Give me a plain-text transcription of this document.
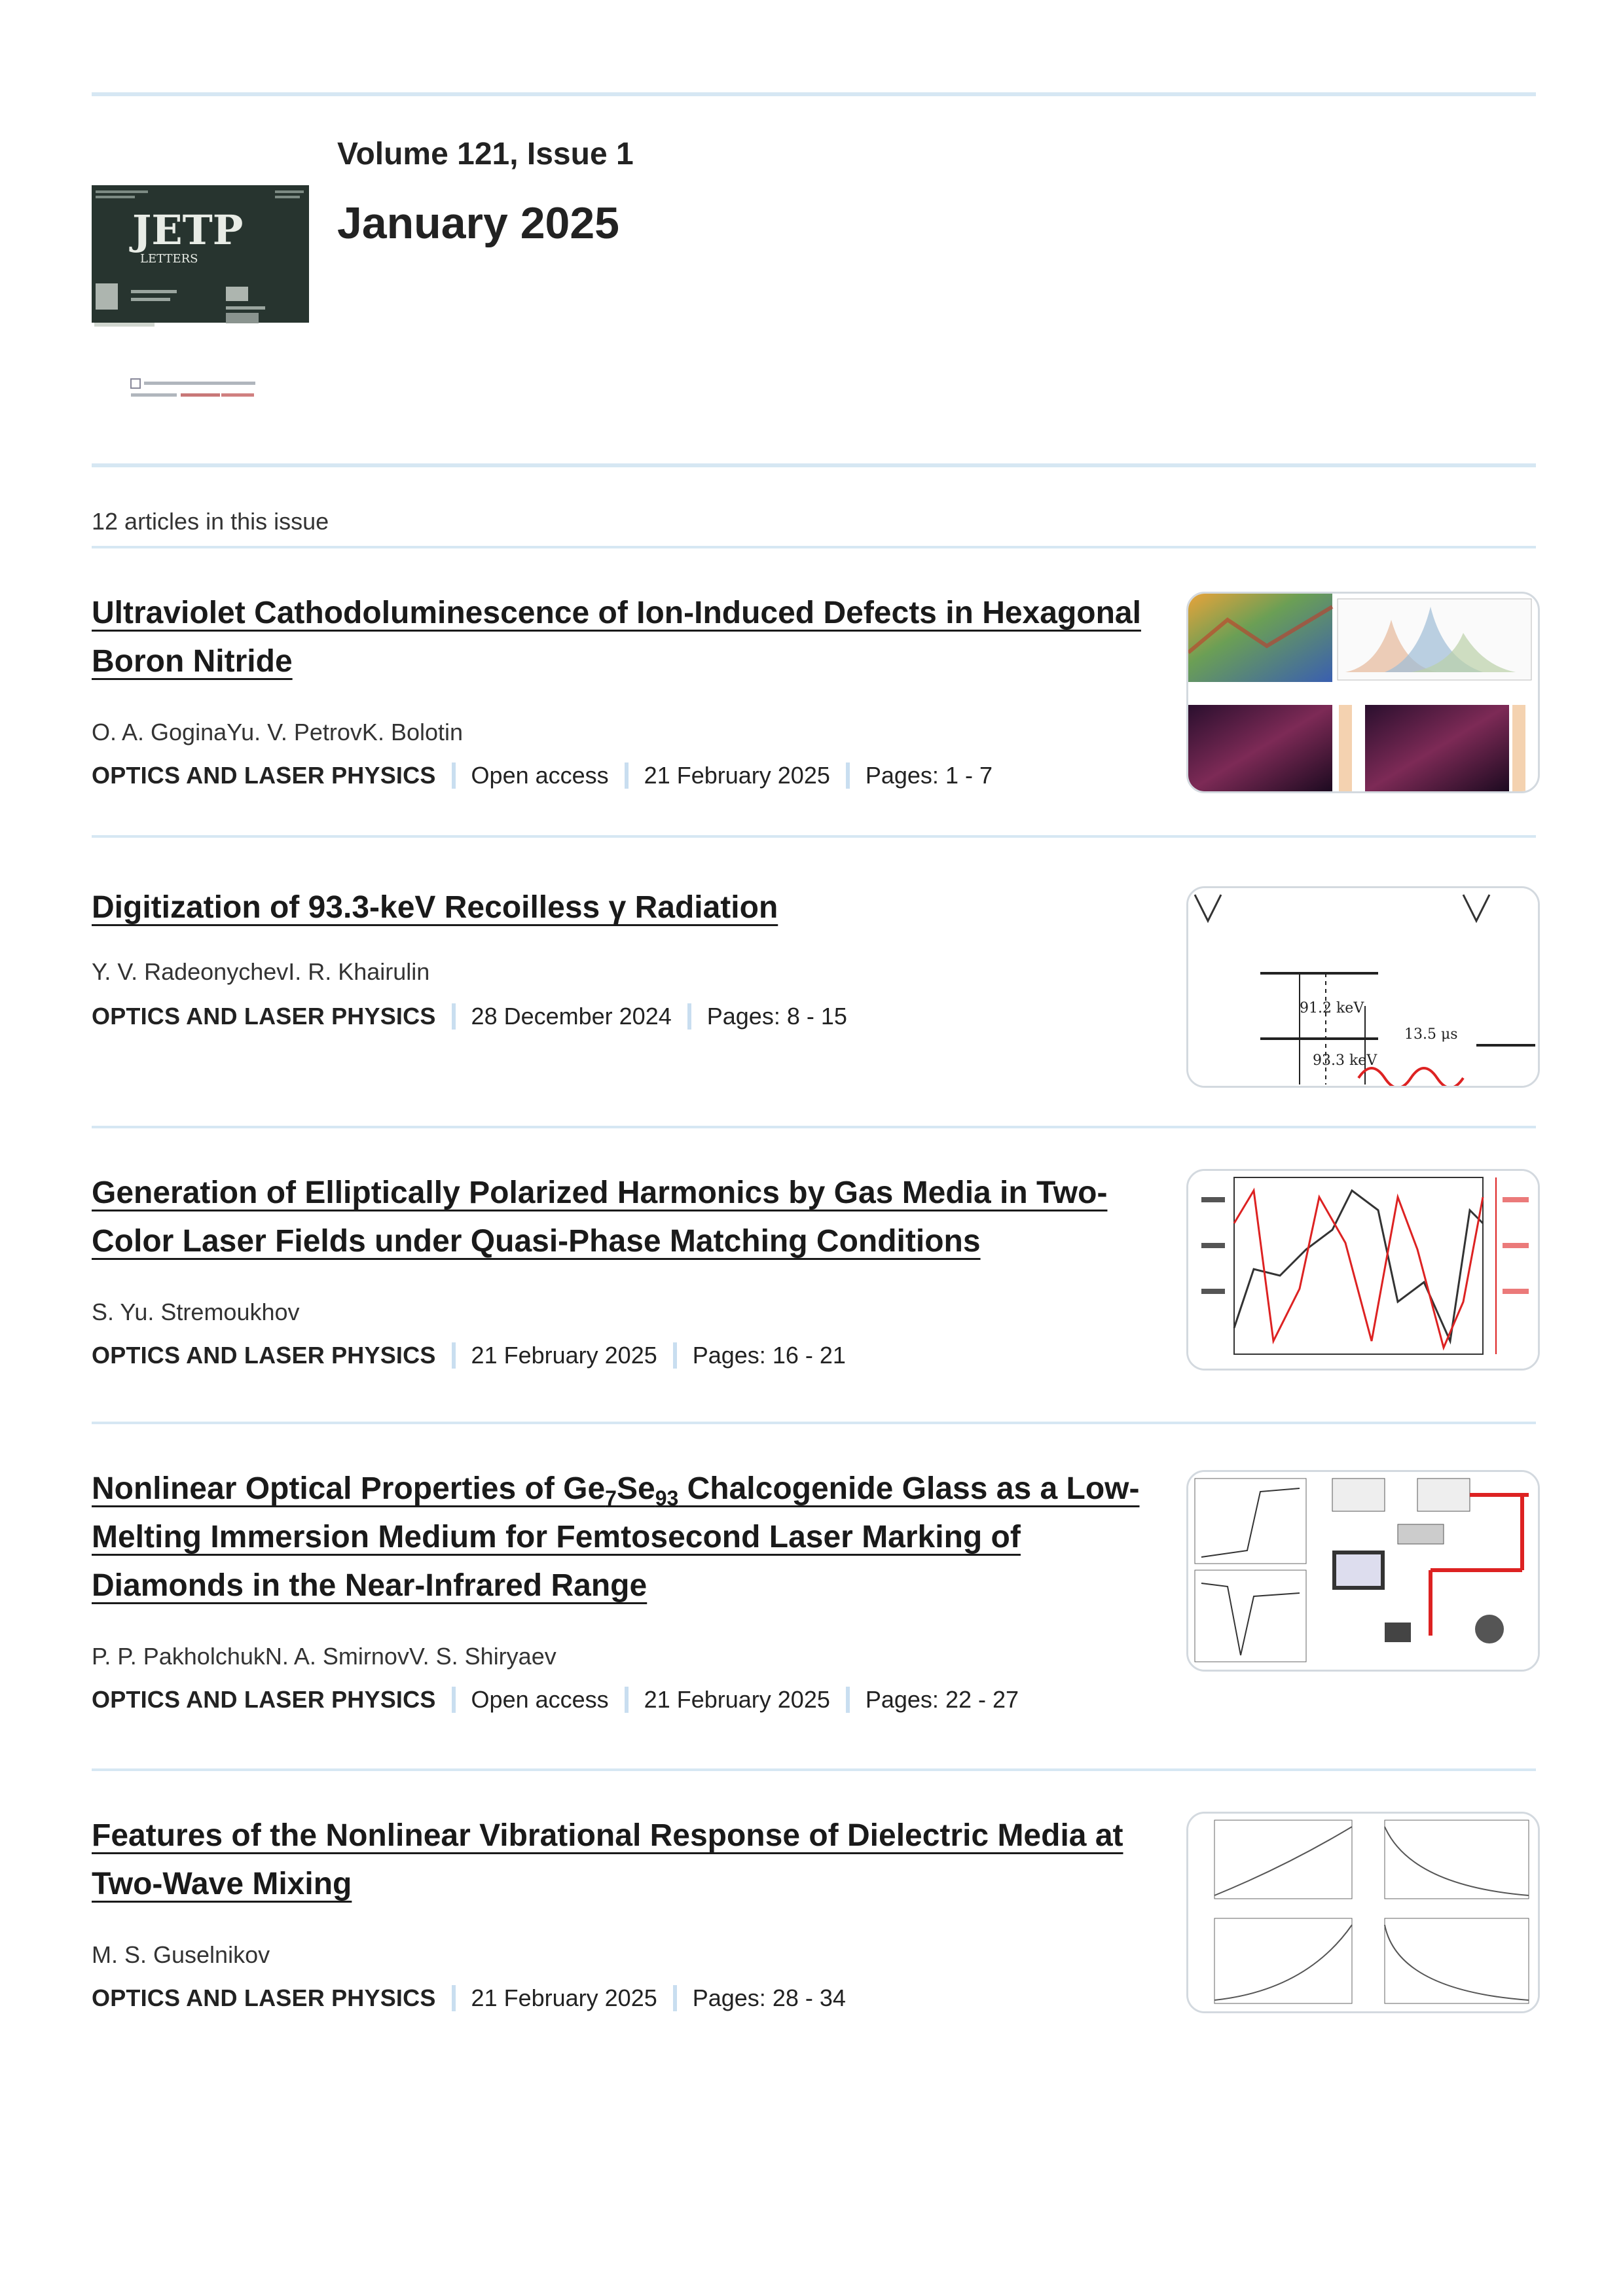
JETP
LETTERS
Volume 121, Issue 1
January 2025
12 articles in this issue
Ultraviolet Cathodoluminescence of Ion-Induced Defects in Hexagonal Boron Nitride
O. A. GoginaYu. V. PetrovK. Bolotin
OPTICS AND LASER PHYSICS Open access 21 February 2025 Pages: 1 - 7
Digitization of 93.3-keV Recoilless γ Radiation
Y. V. RadeonychevI. R. Khairulin
OPTICS AND LASER PHYSICS 28 December 2024 Pages: 8 - 15	91.2 keV
93.3 keV
13.5 μs
Generation of Elliptically Polarized Harmonics by Gas Media in Two-Color Laser Fields under Quasi-Phase Matching Conditions
S. Yu. Stremoukhov
OPTICS AND LASER PHYSICS 21 February 2025 Pages: 16 - 21
Nonlinear Optical Properties of $Ge_7Se_{93}$ Chalcogenide Glass as a Low-Melting Immersion Medium for Femtosecond Laser Marking of Diamonds in the Near-Infrared Range
P. P. PakholchukN. A. SmirnovV. S. Shiryaev
OPTICS AND LASER PHYSICS Open access 21 February 2025 Pages: 22 - 27
Features of the Nonlinear Vibrational Response of Dielectric Media at Two-Wave Mixing
M. S. Guselnikov
OPTICS AND LASER PHYSICS 21 February 2025 Pages: 28 - 34
